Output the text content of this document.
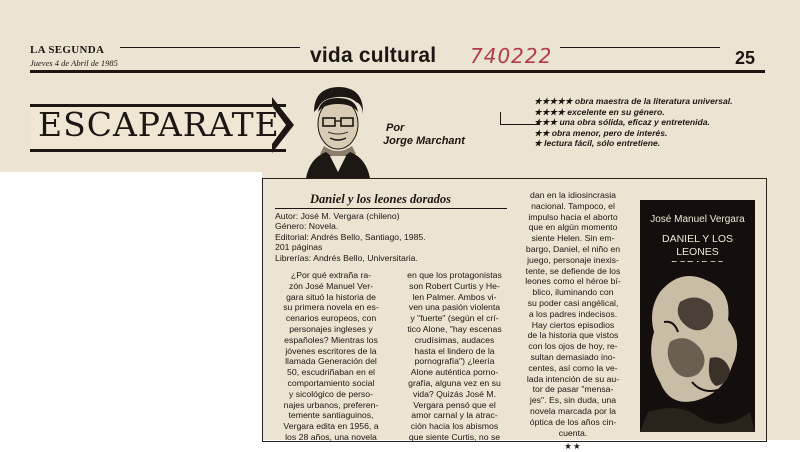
LA SEGUNDA
Jueves 4 de Abril de 1985	vida cultural 740222	25
ESCAPARATE	Por
Jorge Marchant
★★★★★ obra maestra de la literatura universal.
★★★★ excelente en su género.
★★★ una obra sólida, eficaz y entretenida.
★★ obra menor, pero de interés.
★ lectura fácil, sólo entretiene.
Daniel y los leones dorados
Autor: José M. Vergara (chileno)
Género: Novela.
Editorial: Andrés Bello, Santiago, 1985.
201 páginas
Librerías: Andrés Bello, Universitaria.
¿Por qué extraña ra-
zón José Manuel Ver-
gara situó la historia de
su primera novela en es-
cenarios europeos, con
personajes ingleses y
españoles? Mientras los
jóvenes escritores de la
llamada Generación del
50, escudriñaban en el
comportamiento social
y sicológico de perso-
najes urbanos, preferen-
temente santiaguinos,
Vergara edita en 1956, a
los 28 años, una novela
en que los protagonistas
son Robert Curtis y He-
len Palmer. Ambos vi-
ven una pasión violenta
y "fuerte" (según el crí-
tico Alone, "hay escenas
crudísimas, audaces
hasta el lindero de la
pornografía") ¿leería
Alone auténtica porno-
grafía, alguna vez en su
vida? Quizás José M.
Vergara pensó que el
amor carnal y la atrac-
ción hacia los abismos
que siente Curtis, no se
dan en la idiosincrasia
nacional. Tampoco, el
impulso hacia el aborto
que en algún momento
siente Helen. Sin em-
bargo, Daniel, el niño en
juego, personaje inexis-
tente, se defiende de los
leones como el héroe bí-
blico, iluminando con
su poder casi angélical,
a los padres indecisos.
Hay ciertos episodios
de la historia que vistos
con los ojos de hoy, re-
sultan demasiado ino-
centes, así como la ve-
lada intención de su au-
tor de pasar "mensa-
jes". Es, sin duda, una
novela marcada por la
óptica de los años cin-
cuenta.
★★
José Manuel Vergara
DANIEL Y LOS LEONES
